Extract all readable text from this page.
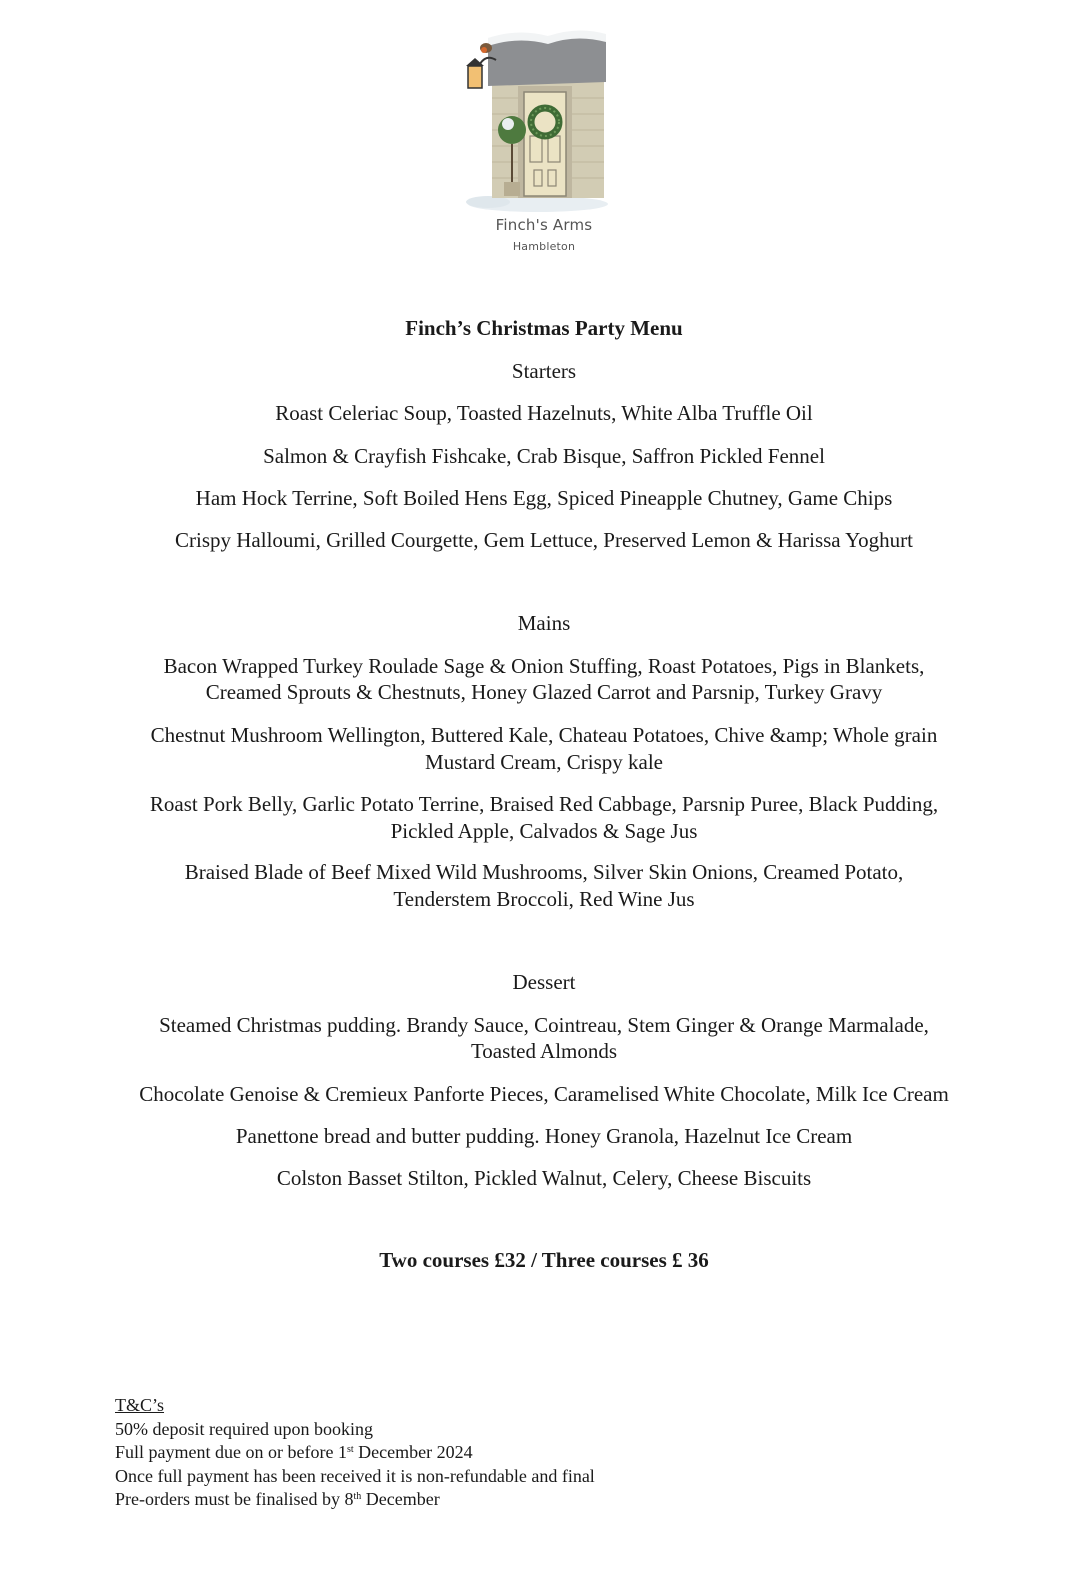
Finch's Arms
Hambleton
Finch’s Christmas Party Menu
Starters
Roast Celeriac Soup, Toasted Hazelnuts, White Alba Truffle Oil
Salmon & Crayfish Fishcake, Crab Bisque, Saffron Pickled Fennel
Ham Hock Terrine, Soft Boiled Hens Egg, Spiced Pineapple Chutney, Game Chips
Crispy Halloumi, Grilled Courgette, Gem Lettuce, Preserved Lemon & Harissa Yoghurt
Mains
Bacon Wrapped Turkey Roulade Sage & Onion Stuffing, Roast Potatoes, Pigs in Blankets,
Creamed Sprouts & Chestnuts, Honey Glazed Carrot and Parsnip, Turkey Gravy
Chestnut Mushroom Wellington, Buttered Kale, Chateau Potatoes, Chive &amp; Whole grain
Mustard Cream, Crispy kale
Roast Pork Belly, Garlic Potato Terrine, Braised Red Cabbage, Parsnip Puree, Black Pudding,
Pickled Apple, Calvados & Sage Jus
Braised Blade of Beef Mixed Wild Mushrooms, Silver Skin Onions, Creamed Potato,
Tenderstem Broccoli, Red Wine Jus
Dessert
Steamed Christmas pudding. Brandy Sauce, Cointreau, Stem Ginger & Orange Marmalade,
Toasted Almonds
Chocolate Genoise & Cremieux Panforte Pieces, Caramelised White Chocolate, Milk Ice Cream
Panettone bread and butter pudding. Honey Granola, Hazelnut Ice Cream
Colston Basset Stilton, Pickled Walnut, Celery, Cheese Biscuits
Two courses £32 / Three courses £ 36
T&C’s
50% deposit required upon booking
Full payment due on or before 1st December 2024
Once full payment has been received it is non-refundable and final
Pre-orders must be finalised by 8th December
